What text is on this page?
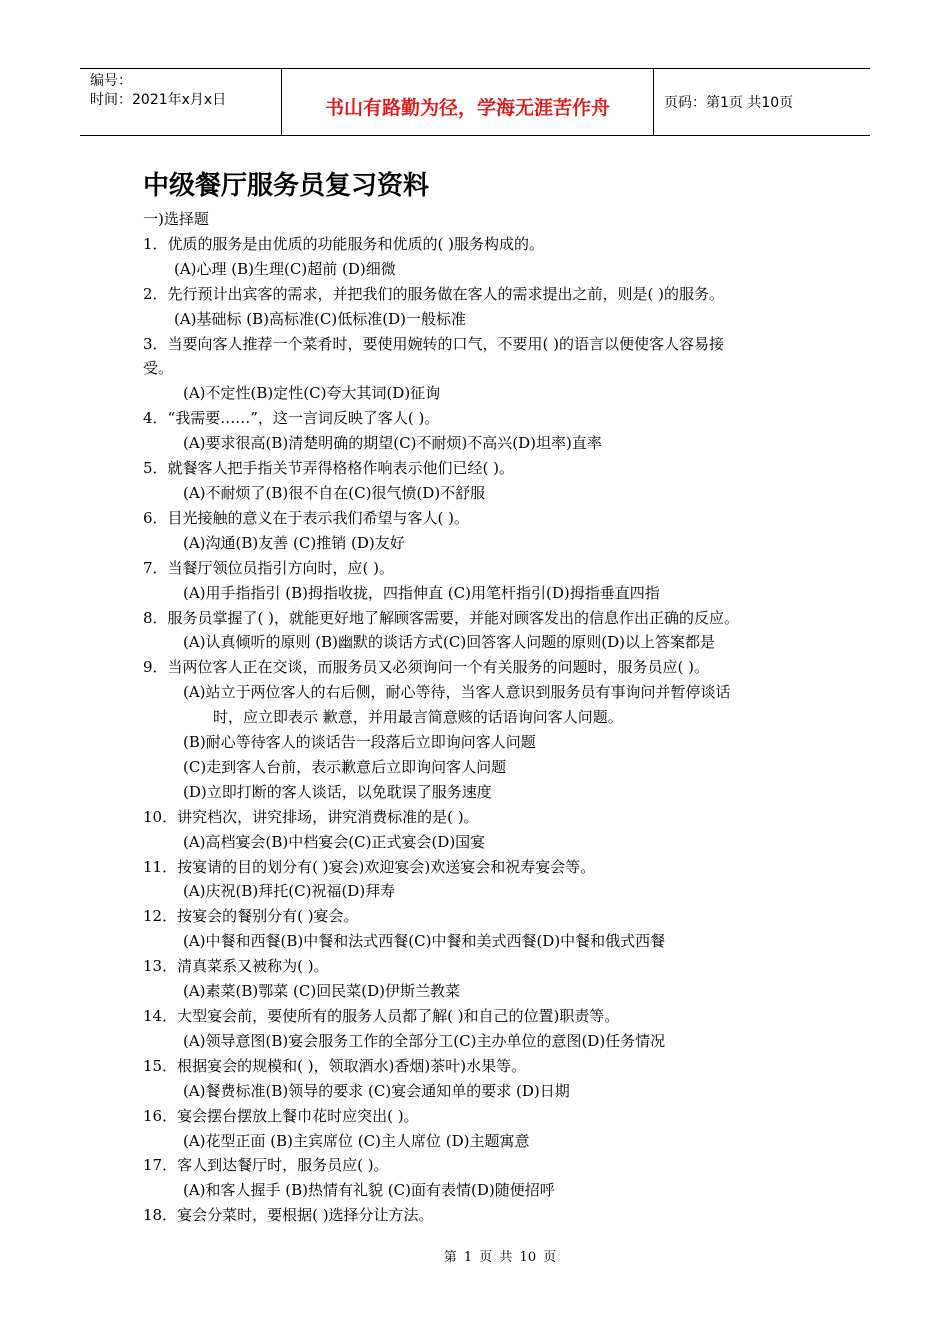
编号：
时间：2021年x月x日	书山有路勤为径，学海无涯苦作舟	页码：第1页 共10页
中级餐厅服务员复习资料
一)选择题
1．优质的服务是由优质的功能服务和优质的( )服务构成的。
(A)心理 (B)生理(C)超前 (D)细微
2．先行预计出宾客的需求，并把我们的服务做在客人的需求提出之前，则是( )的服务。
(A)基础标 (B)高标准(C)低标准(D)一般标准
3．当要向客人推荐一个菜肴时，要使用婉转的口气，不要用( )的语言以便使客人容易接
受。
(A)不定性(B)定性(C)夸大其词(D)征询
4．“我需要……”，这一言词反映了客人( )。
(A)要求很高(B)清楚明确的期望(C)不耐烦)不高兴(D)坦率)直率
5．就餐客人把手指关节弄得格格作响表示他们已经( )。
(A)不耐烦了(B)很不自在(C)很气愤(D)不舒服
6．目光接触的意义在于表示我们希望与客人( )。
(A)沟通(B)友善 (C)推销 (D)友好
7．当餐厅领位员指引方向时，应( )。
(A)用手指指引 (B)拇指收拢，四指伸直 (C)用笔杆指引(D)拇指垂直四指
8．服务员掌握了( )，就能更好地了解顾客需要，并能对顾客发出的信息作出正确的反应。
(A)认真倾听的原则 (B)幽默的谈话方式(C)回答客人问题的原则(D)以上答案都是
9．当两位客人正在交谈，而服务员又必须询问一个有关服务的问题时，服务员应( )。
(A)站立于两位客人的右后侧，耐心等待，当客人意识到服务员有事询问并暂停谈话
时，应立即表示 歉意，并用最言简意赅的话语询问客人问题。
(B)耐心等待客人的谈话告一段落后立即询问客人问题
(C)走到客人台前，表示歉意后立即询问客人问题
(D)立即打断的客人谈话，以免耽误了服务速度
10．讲究档次，讲究排场，讲究消费标准的是( )。
(A)高档宴会(B)中档宴会(C)正式宴会(D)国宴
11．按宴请的目的划分有( )宴会)欢迎宴会)欢送宴会和祝寿宴会等。
(A)庆祝(B)拜托(C)祝福(D)拜寿
12．按宴会的餐别分有( )宴会。
(A)中餐和西餐(B)中餐和法式西餐(C)中餐和美式西餐(D)中餐和俄式西餐
13．清真菜系又被称为( )。
(A)素菜(B)鄂菜 (C)回民菜(D)伊斯兰教菜
14．大型宴会前，要使所有的服务人员都了解( )和自己的位置)职责等。
(A)领导意图(B)宴会服务工作的全部分工(C)主办单位的意图(D)任务情况
15．根据宴会的规模和( )，领取酒水)香烟)茶叶)水果等。
(A)餐费标准(B)领导的要求 (C)宴会通知单的要求 (D)日期
16．宴会摆台摆放上餐巾花时应突出( )。
(A)花型正面 (B)主宾席位 (C)主人席位 (D)主题寓意
17．客人到达餐厅时，服务员应( )。
(A)和客人握手 (B)热情有礼貌 (C)面有表情(D)随便招呼
18．宴会分菜时，要根据( )选择分让方法。
第 1 页 共 10 页
